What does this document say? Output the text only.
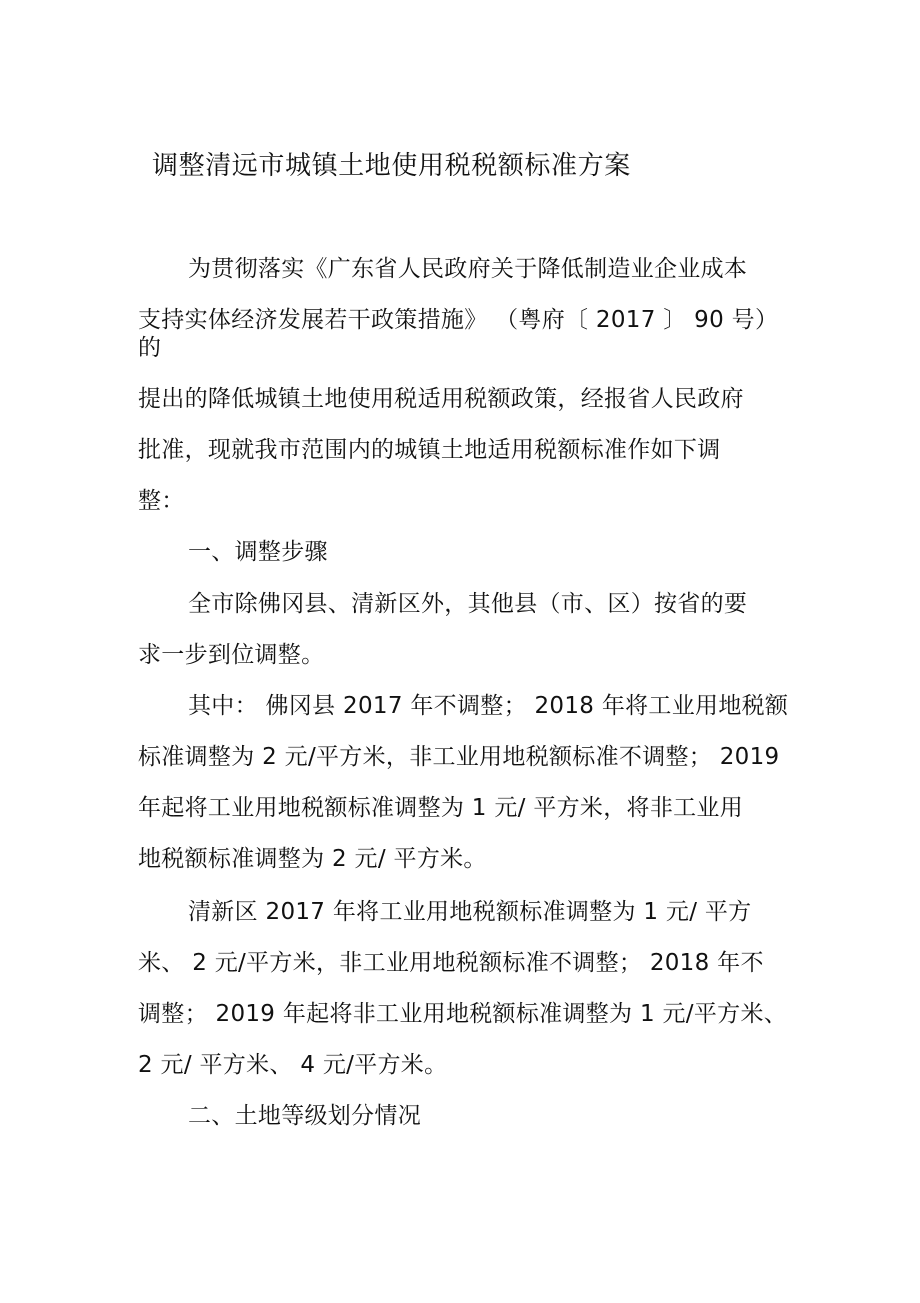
调整清远市城镇土地使用税税额标准方案
为贯彻落实《广东省人民政府关于降低制造业企业成本
支持实体经济发展若干政策措施》 （粤府〔 2017 〕 90 号）
的
提出的降低城镇土地使用税适用税额政策，经报省人民政府
批准，现就我市范围内的城镇土地适用税额标准作如下调
整：
一、调整步骤
全市除佛冈县、清新区外，其他县（市、区）按省的要
求一步到位调整。
其中： 佛冈县 2017 年不调整； 2018 年将工业用地税额
标准调整为 2 元/平方米，非工业用地税额标准不调整； 2019
年起将工业用地税额标准调整为 1 元/ 平方米，将非工业用
地税额标准调整为 2 元/ 平方米。
清新区 2017 年将工业用地税额标准调整为 1 元/ 平方
米、 2 元/平方米，非工业用地税额标准不调整； 2018 年不
调整； 2019 年起将非工业用地税额标准调整为 1 元/平方米、
2 元/ 平方米、 4 元/平方米。
二、土地等级划分情况
